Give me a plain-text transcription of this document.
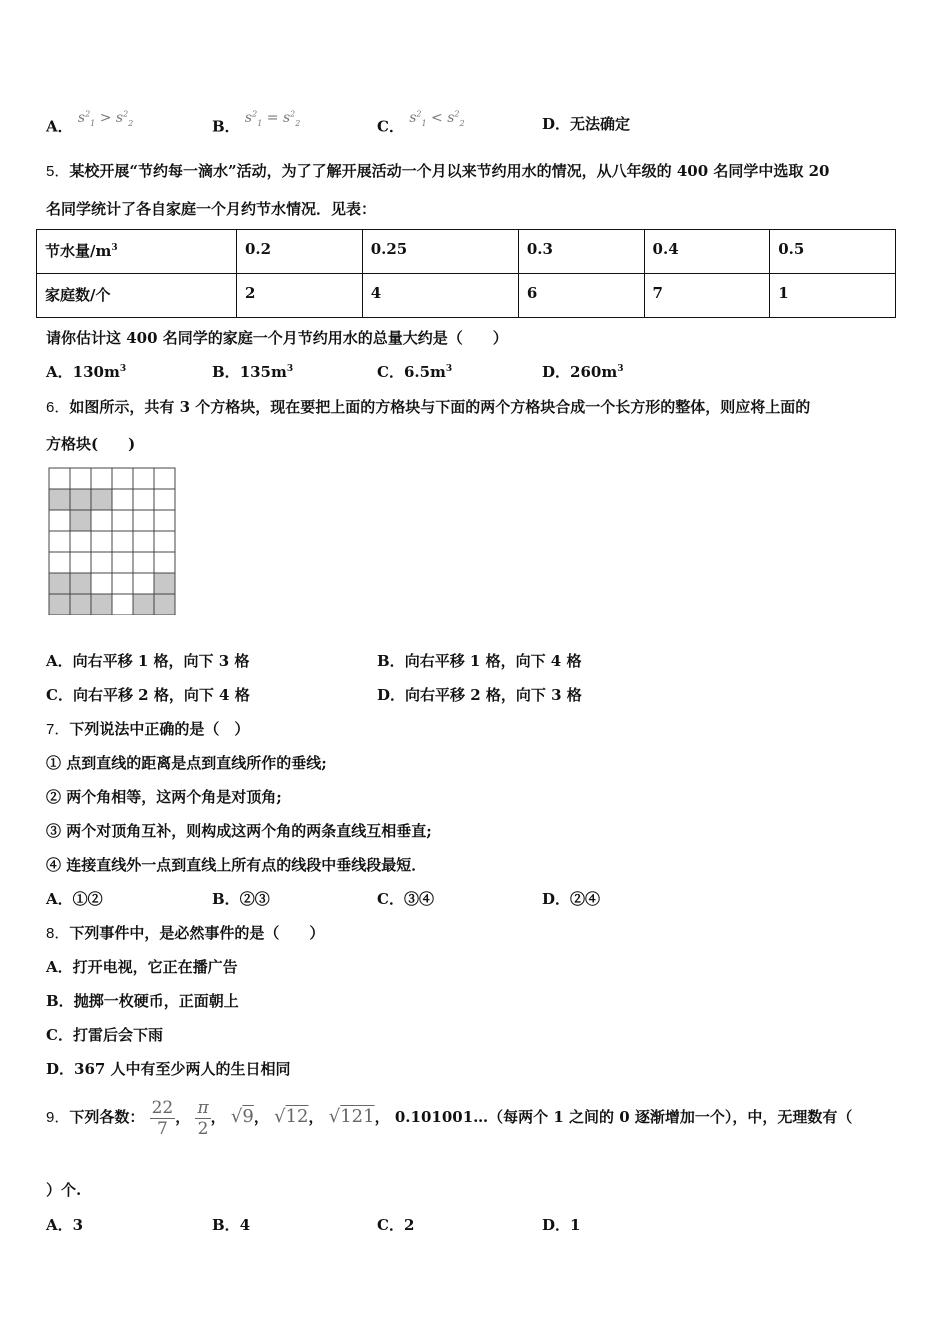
A． $s^2_1 > s^2_2$	B． $s^2_1 = s^2_2$	C． $s^2_1 < s^2_2$	D．无法确定
5．某校开展“节约每一滴水”活动，为了了解开展活动一个月以来节约用水的情况，从八年级的 400 名同学中选取 20
名同学统计了各自家庭一个月约节水情况．见表：
节水量$/m^3$	0.2	0.25	0.3	0.4	0.5
家庭数/个	2	4	6	7	1
请你估计这 400 名同学的家庭一个月节约用水的总量大约是（　　）
A．$130m^3$	B．$135m^3$	C．$6.5m^3$	D．$260m^3$
6．如图所示，共有 3 个方格块，现在要把上面的方格块与下面的两个方格块合成一个长方形的整体，则应将上面的
方格块(　　)
A．向右平移 1 格，向下 3 格	B．向右平移 1 格，向下 4 格
C．向右平移 2 格，向下 4 格	D．向右平移 2 格，向下 3 格
7．下列说法中正确的是（　）
① 点到直线的距离是点到直线所作的垂线;
② 两个角相等，这两个角是对顶角;
③ 两个对顶角互补，则构成这两个角的两条直线互相垂直;
④ 连接直线外一点到直线上所有点的线段中垂线段最短．
A．①②	B．②③	C．③④	D．②④
8．下列事件中，是必然事件的是（　　）
A．打开电视，它正在播广告
B．抛掷一枚硬币，正面朝上
C．打雷后会下雨
D．367 人中有至少两人的生日相同
9．下列各数： $\frac{22}{7}$ ， $\frac{\pi}{2}$ ， √9， √12， √121， 0.101001…（每两个 1 之间的 0 逐渐增加一个），中，无理数有（
）个.
A．3	B．4	C．2	D．1
